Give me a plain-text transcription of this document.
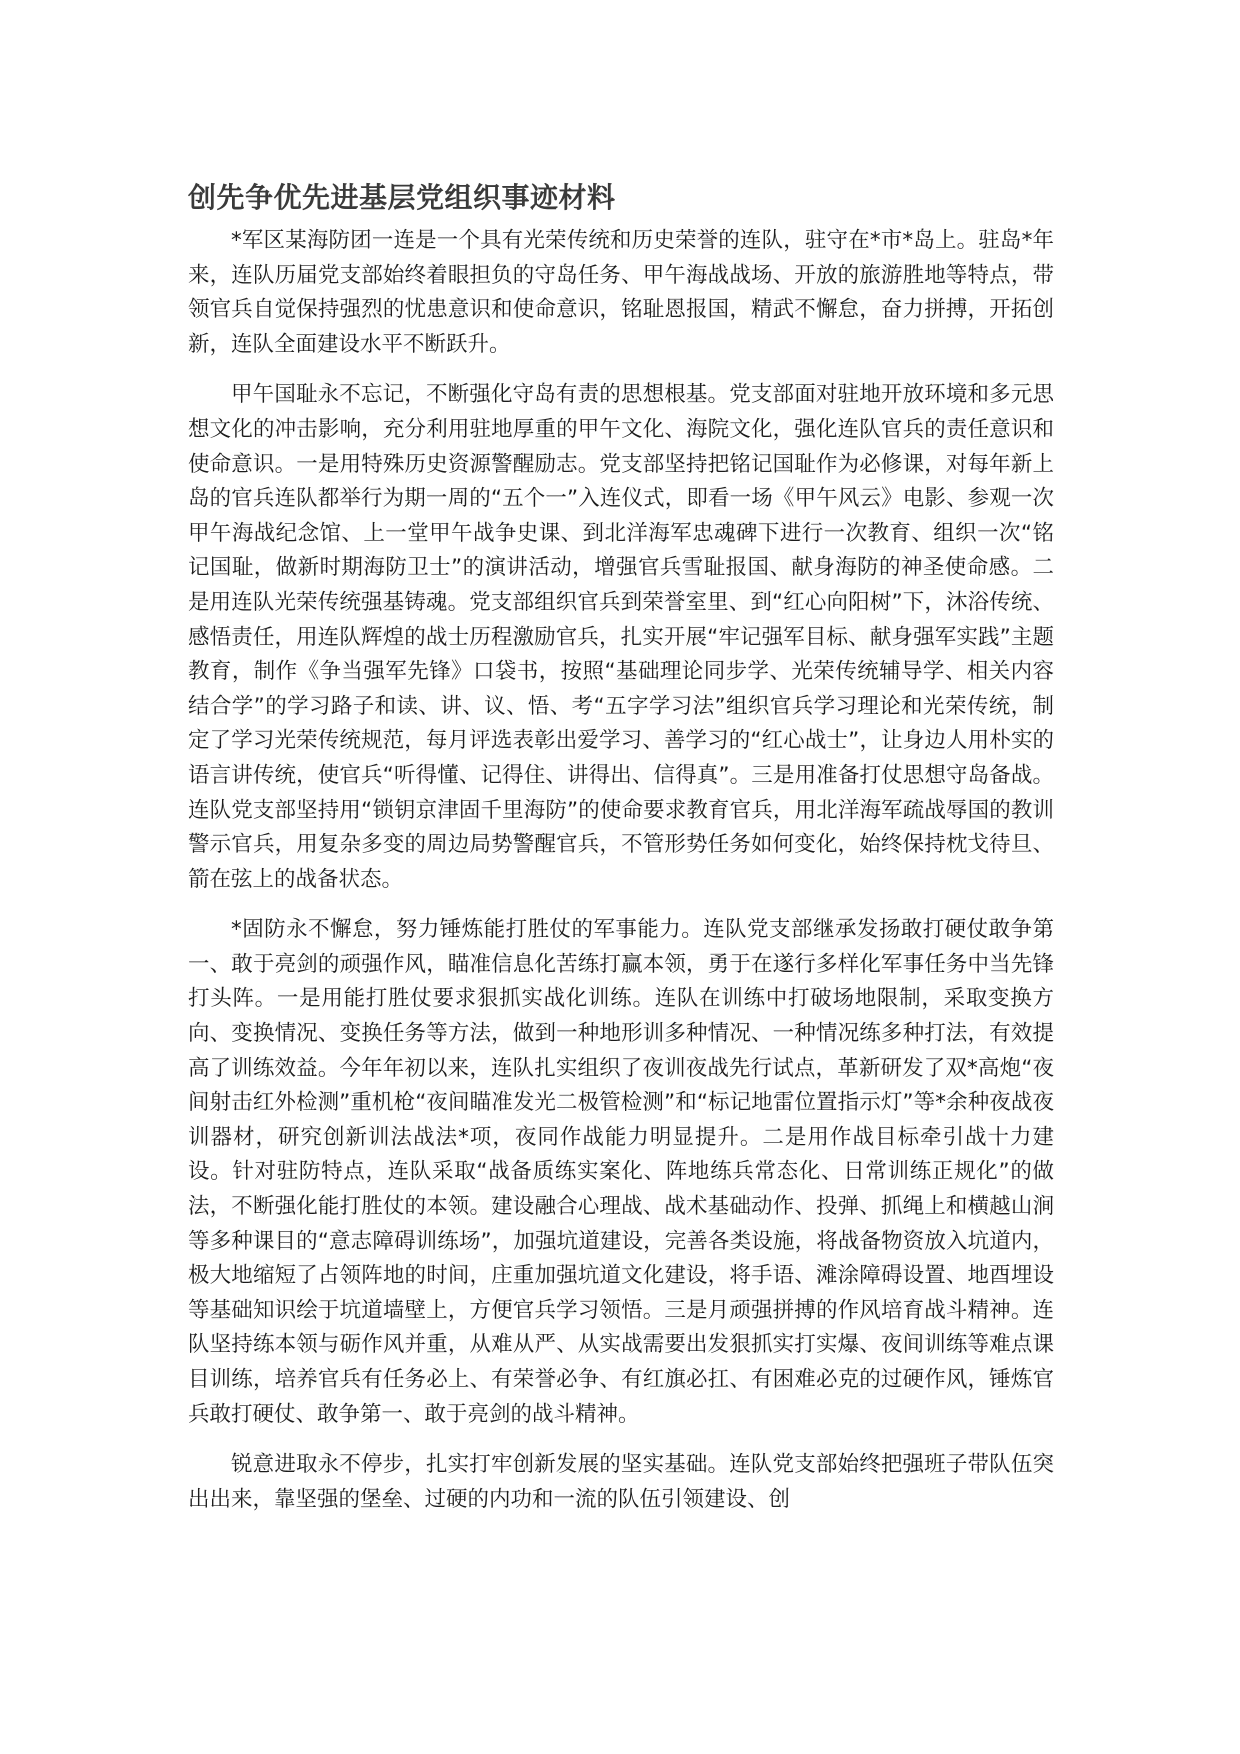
创先争优先进基层党组织事迹材料

*军区某海防团一连是一个具有光荣传统和历史荣誉的连队，驻守在*市*岛上。驻岛*年来，连队历届党支部始终着眼担负的守岛任务、甲午海战战场、开放的旅游胜地等特点，带领官兵自觉保持强烈的忧患意识和使命意识，铭耻恩报国，精武不懈怠，奋力拼搏，开拓创新，连队全面建设水平不断跃升。

甲午国耻永不忘记，不断强化守岛有责的思想根基。党支部面对驻地开放环境和多元思想文化的冲击影响，充分利用驻地厚重的甲午文化、海院文化，强化连队官兵的责任意识和使命意识。一是用特殊历史资源警醒励志。党支部坚持把铭记国耻作为必修课，对每年新上岛的官兵连队都举行为期一周的“五个一”入连仪式，即看一场《甲午风云》电影、参观一次甲午海战纪念馆、上一堂甲午战争史课、到北洋海军忠魂碑下进行一次教育、组织一次“铭记国耻，做新时期海防卫士”的演讲活动，增强官兵雪耻报国、献身海防的神圣使命感。二是用连队光荣传统强基铸魂。党支部组织官兵到荣誉室里、到“红心向阳树”下，沐浴传统、感悟责任，用连队辉煌的战士历程激励官兵，扎实开展“牢记强军目标、献身强军实践”主题教育，制作《争当强军先锋》口袋书，按照“基础理论同步学、光荣传统辅导学、相关内容结合学”的学习路子和读、讲、议、悟、考“五字学习法”组织官兵学习理论和光荣传统，制定了学习光荣传统规范，每月评选表彰出爱学习、善学习的“红心战士”，让身边人用朴实的语言讲传统，使官兵“听得懂、记得住、讲得出、信得真”。三是用准备打仗思想守岛备战。连队党支部坚持用“锁钥京津固千里海防”的使命要求教育官兵，用北洋海军疏战辱国的教训警示官兵，用复杂多变的周边局势警醒官兵，不管形势任务如何变化，始终保持枕戈待旦、箭在弦上的战备状态。

*固防永不懈怠，努力锤炼能打胜仗的军事能力。连队党支部继承发扬敢打硬仗敢争第一、敢于亮剑的顽强作风，瞄准信息化苦练打赢本领，勇于在遂行多样化军事任务中当先锋打头阵。一是用能打胜仗要求狠抓实战化训练。连队在训练中打破场地限制，采取变换方向、变换情况、变换任务等方法，做到一种地形训多种情况、一种情况练多种打法，有效提高了训练效益。今年年初以来，连队扎实组织了夜训夜战先行试点，革新研发了双*高炮“夜间射击红外检测”重机枪“夜间瞄准发光二极管检测”和“标记地雷位置指示灯”等*余种夜战夜训器材，研究创新训法战法*项，夜同作战能力明显提升。二是用作战目标牵引战十力建设。针对驻防特点，连队采取“战备质练实案化、阵地练兵常态化、日常训练正规化”的做法，不断强化能打胜仗的本领。建设融合心理战、战术基础动作、投弹、抓绳上和横越山涧等多种课目的“意志障碍训练场”，加强坑道建设，完善各类设施，将战备物资放入坑道内，极大地缩短了占领阵地的时间，庄重加强坑道文化建设，将手语、滩涂障碍设置、地酉埋设等基础知识绘于坑道墙壁上，方便官兵学习领悟。三是月顽强拼搏的作风培育战斗精神。连队坚持练本领与砺作风并重，从难从严、从实战需要出发狠抓实打实爆、夜间训练等难点课目训练，培养官兵有任务必上、有荣誉必争、有红旗必扛、有困难必克的过硬作风，锤炼官兵敢打硬仗、敢争第一、敢于亮剑的战斗精神。

锐意进取永不停步，扎实打牢创新发展的坚实基础。连队党支部始终把强班子带队伍突出出来，靠坚强的堡垒、过硬的内功和一流的队伍引领建设、创
